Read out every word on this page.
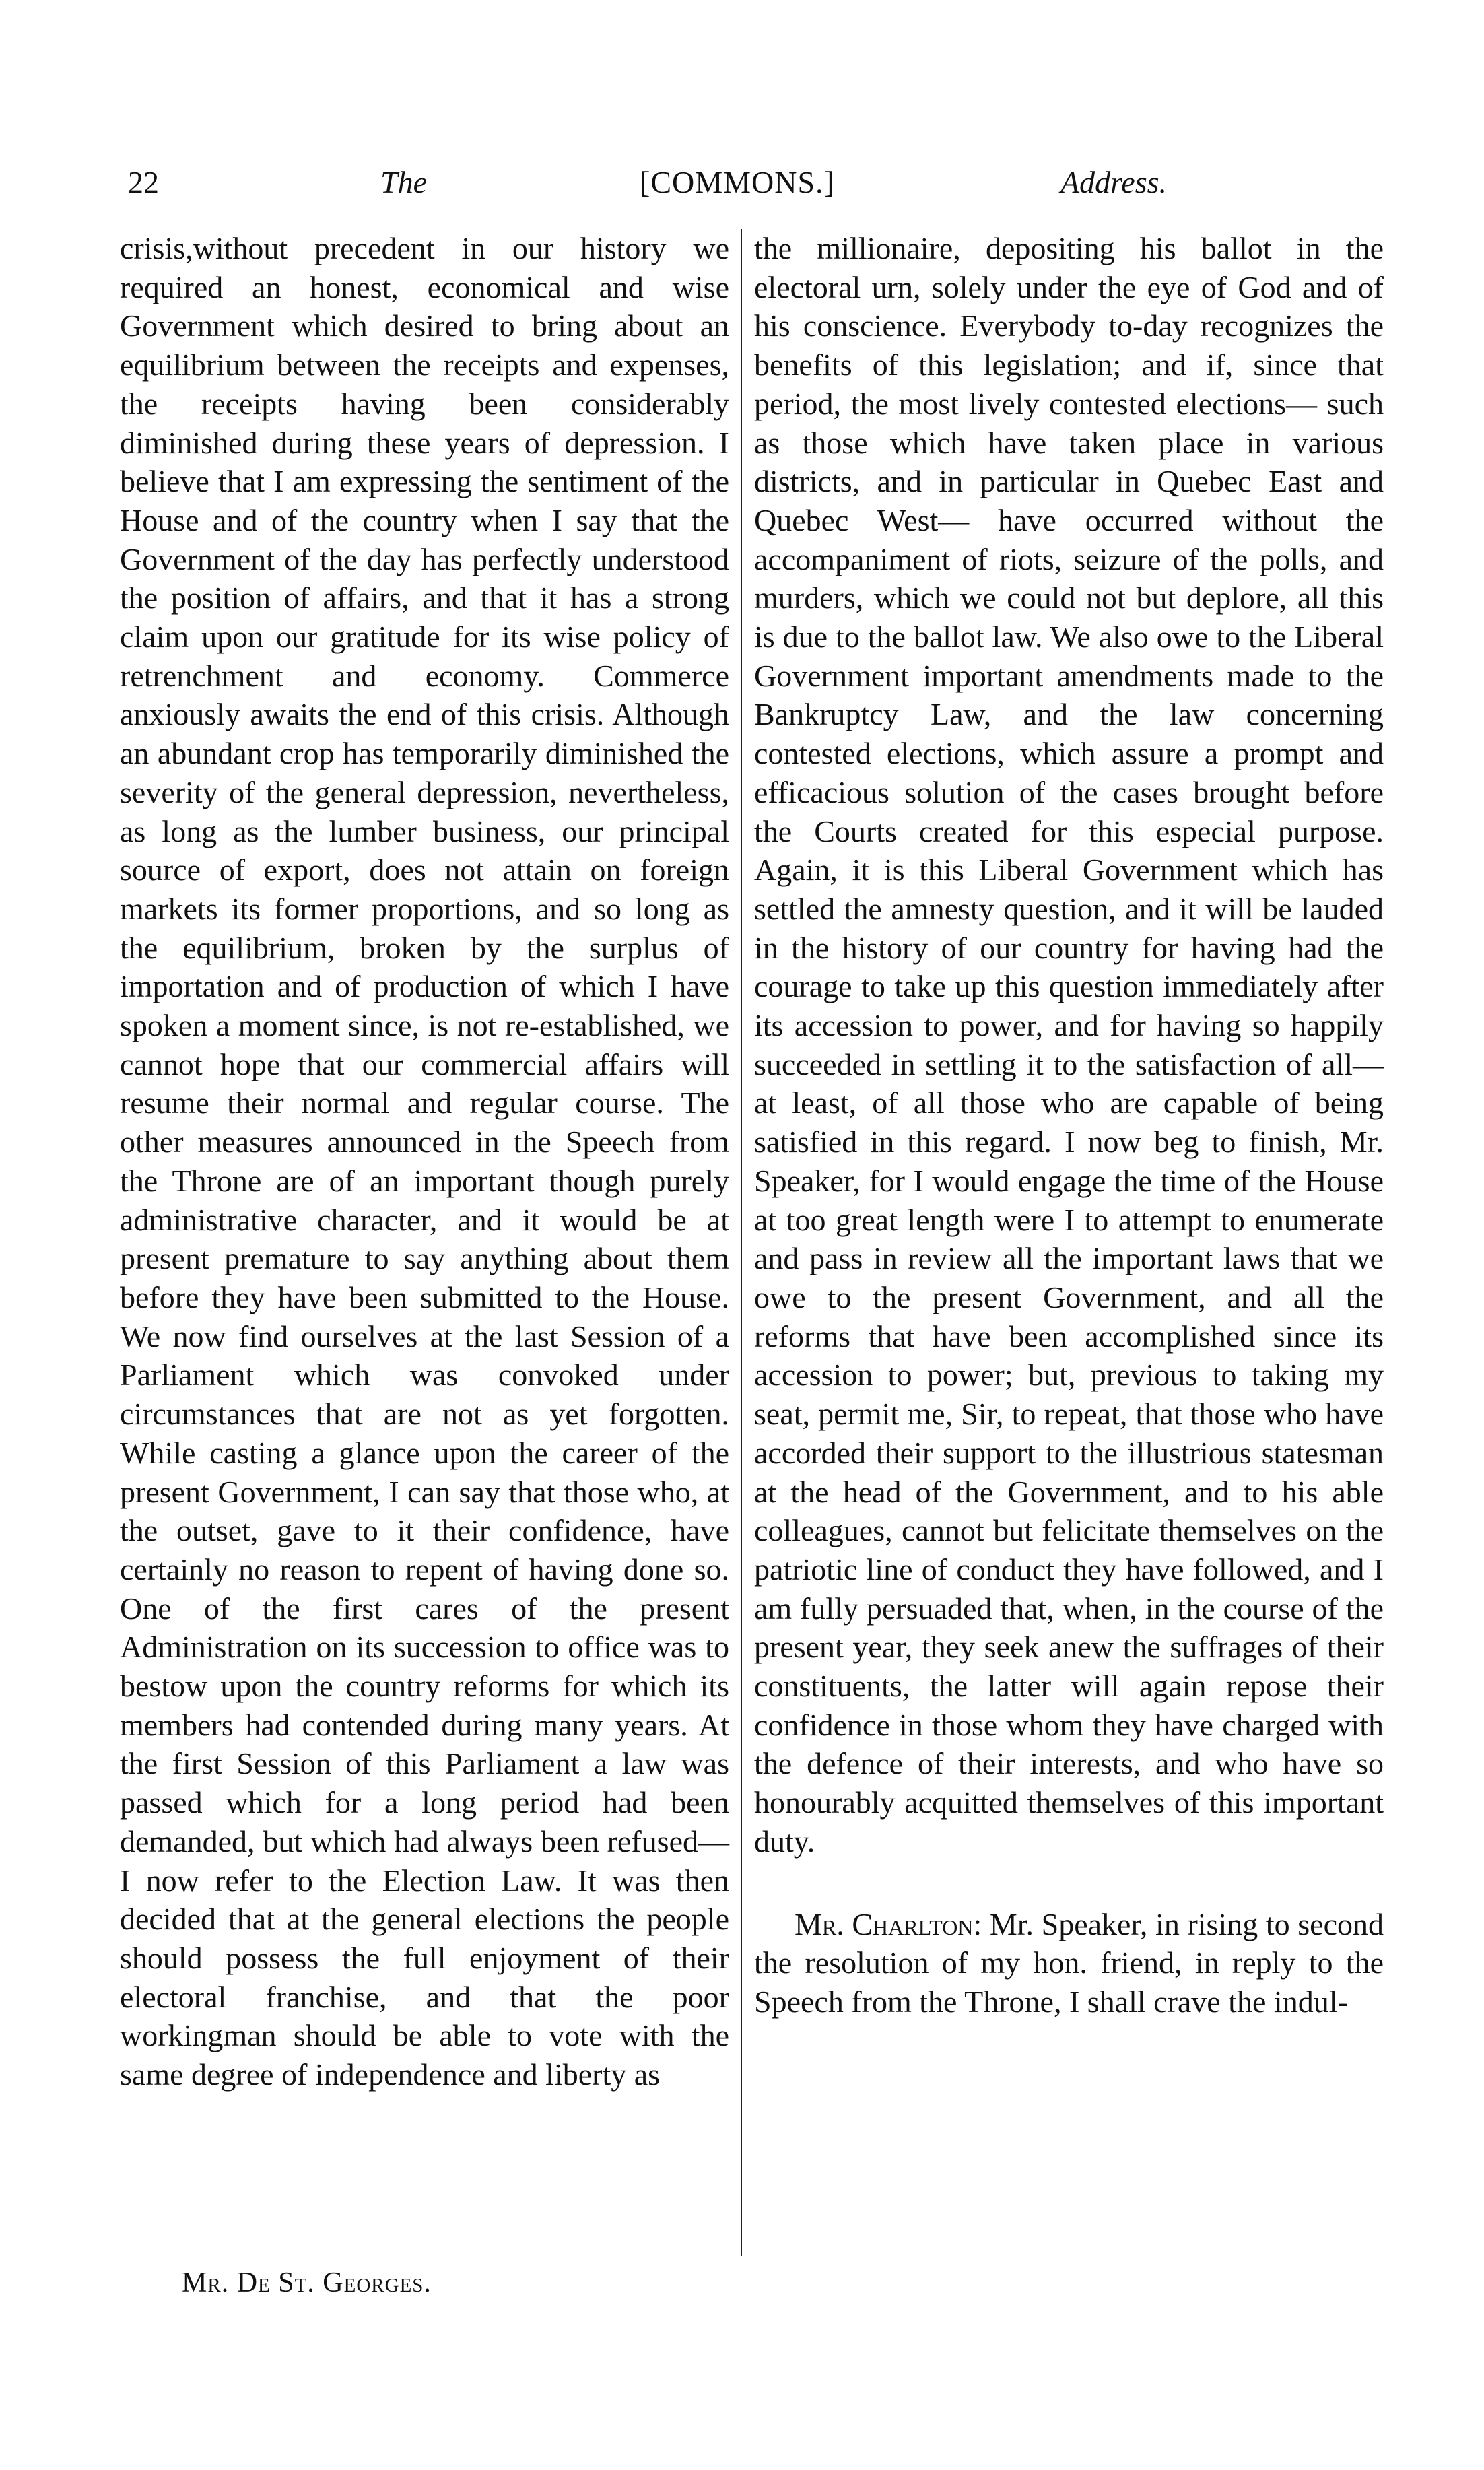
22	The	[COMMONS.]	Address.

crisis,without precedent in our history we required an honest, economical and wise Government which desired to bring about an equilibrium between the receipts and expenses, the receipts having been considerably diminished during these years of depression. I believe that I am expressing the sentiment of the House and of the country when I say that the Government of the day has perfectly understood the position of affairs, and that it has a strong claim upon our gratitude for its wise policy of retrenchment and economy. Commerce anxiously awaits the end of this crisis. Although an abundant crop has temporarily diminished the severity of the general depression, nevertheless, as long as the lumber business, our principal source of export, does not attain on foreign markets its former proportions, and so long as the equilibrium, broken by the surplus of importation and of production of which I have spoken a moment since, is not re-established, we cannot hope that our commercial affairs will resume their normal and regular course. The other measures announced in the Speech from the Throne are of an important though purely administrative character, and it would be at present premature to say anything about them before they have been submitted to the House. We now find ourselves at the last Session of a Parliament which was convoked under circumstances that are not as yet forgotten. While casting a glance upon the career of the present Government, I can say that those who, at the outset, gave to it their confidence, have certainly no reason to repent of having done so. One of the first cares of the present Administration on its succession to office was to bestow upon the country reforms for which its members had contended during many years. At the first Session of this Parliament a law was passed which for a long period had been demanded, but which had always been refused— I now refer to the Election Law. It was then decided that at the general elections the people should possess the full enjoyment of their electoral franchise, and that the poor workingman should be able to vote with the same degree of independence and liberty as

the millionaire, depositing his ballot in the electoral urn, solely under the eye of God and of his conscience. Everybody to-day recognizes the benefits of this legislation; and if, since that period, the most lively contested elections— such as those which have taken place in various districts, and in particular in Quebec East and Quebec West— have occurred without the accompaniment of riots, seizure of the polls, and murders, which we could not but deplore, all this is due to the ballot law. We also owe to the Liberal Government important amendments made to the Bankruptcy Law, and the law concerning contested elections, which assure a prompt and efficacious solution of the cases brought before the Courts created for this especial purpose. Again, it is this Liberal Government which has settled the amnesty question, and it will be lauded in the history of our country for having had the courage to take up this question immediately after its accession to power, and for having so happily succeeded in settling it to the satisfaction of all—at least, of all those who are capable of being satisfied in this regard. I now beg to finish, Mr. Speaker, for I would engage the time of the House at too great length were I to attempt to enumerate and pass in review all the important laws that we owe to the present Government, and all the reforms that have been accomplished since its accession to power; but, previous to taking my seat, permit me, Sir, to repeat, that those who have accorded their support to the illustrious statesman at the head of the Government, and to his able colleagues, cannot but felicitate themselves on the patriotic line of conduct they have followed, and I am fully persuaded that, when, in the course of the present year, they seek anew the suffrages of their constituents, the latter will again repose their confidence in those whom they have charged with the defence of their interests, and who have so honourably acquitted themselves of this important duty.

Mr. Charlton: Mr. Speaker, in rising to second the resolution of my hon. friend, in reply to the Speech from the Throne, I shall crave the indul-

Mr. De St. Georges.
